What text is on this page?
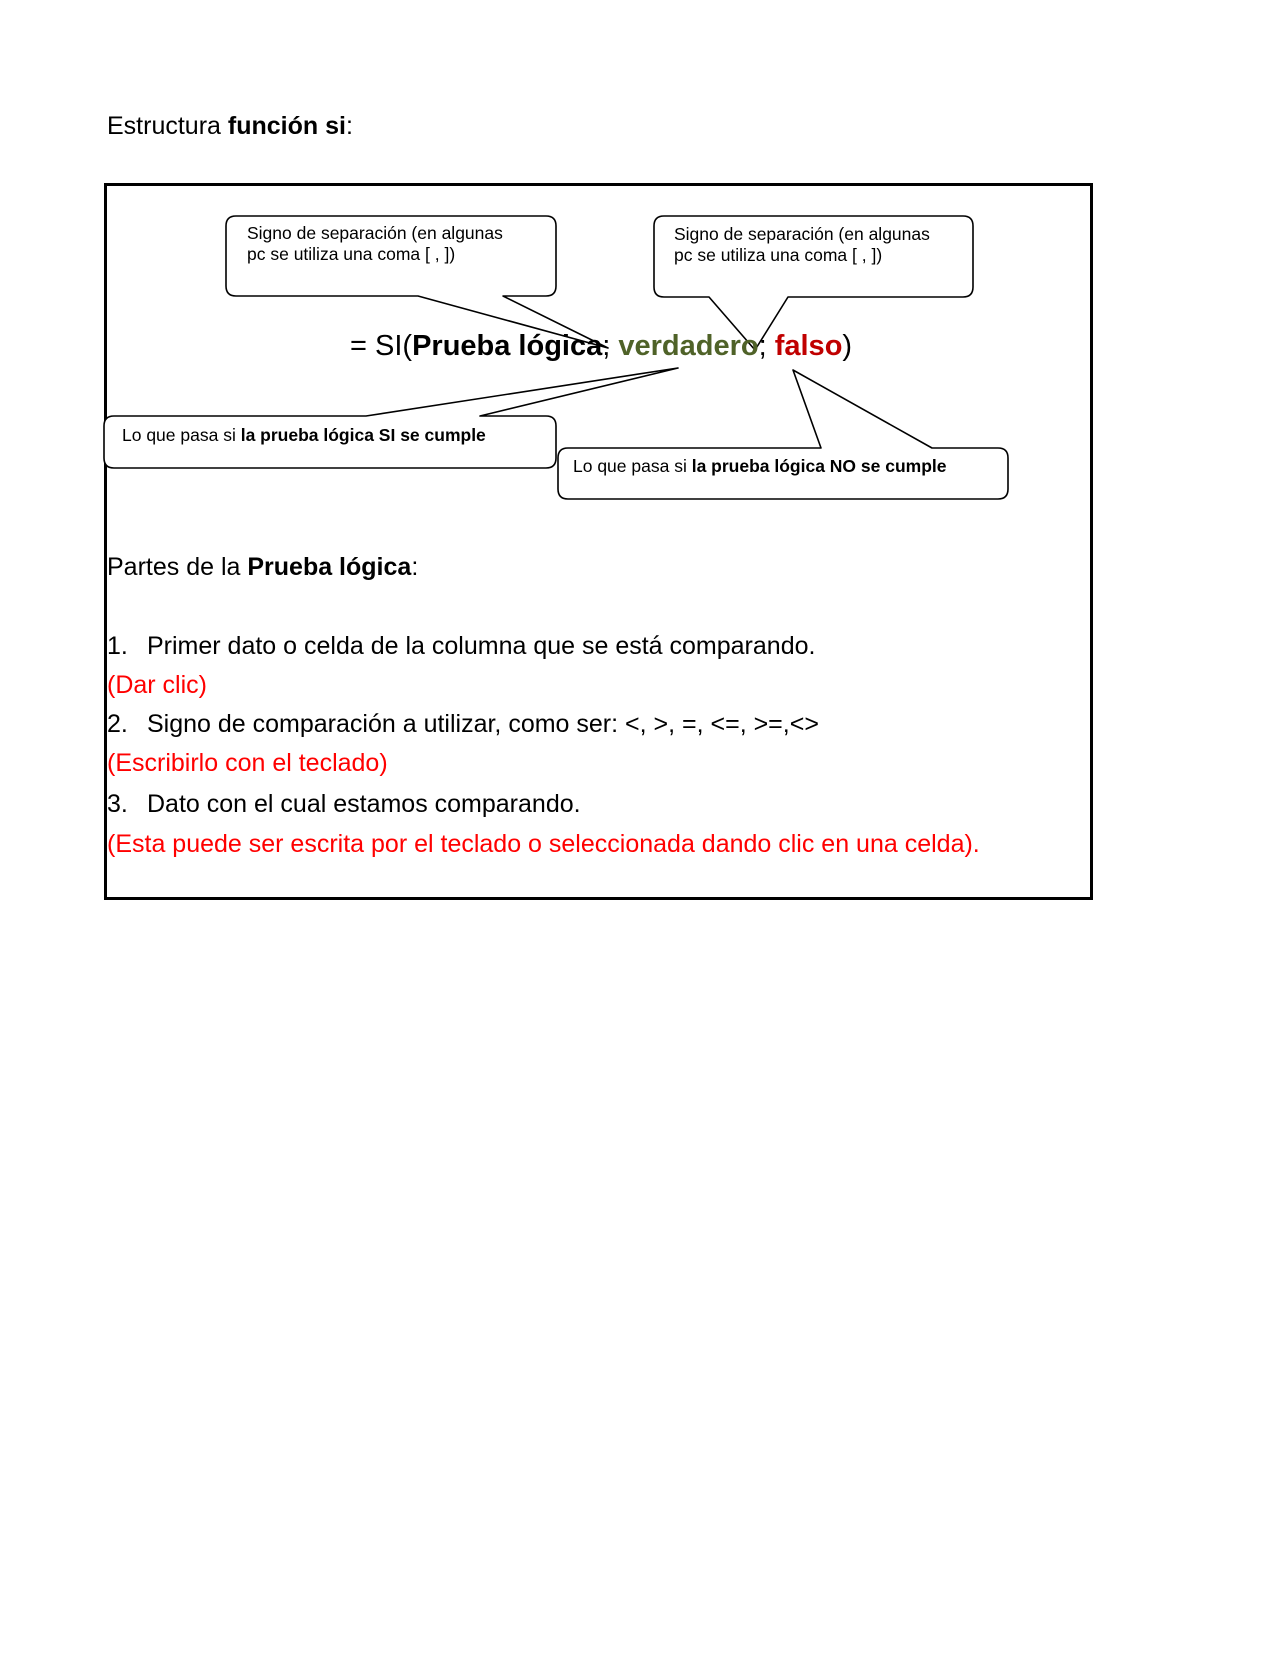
Estructura función si:
Signo de separación (en algunas
pc se utiliza una coma [ , ])
Signo de separación (en algunas
pc se utiliza una coma [ , ])
Lo que pasa si la prueba lógica SI se cumple
Lo que pasa si la prueba lógica NO se cumple
= SI(Prueba lógica; verdadero; falso)
Partes de la Prueba lógica:
1. Primer dato o celda de la columna que se está comparando.
(Dar clic)
2. Signo de comparación a utilizar, como ser: <, >, =, <=, >=,<>
(Escribirlo con el teclado)
3. Dato con el cual estamos comparando.
(Esta puede ser escrita por el teclado o seleccionada dando clic en una celda).
